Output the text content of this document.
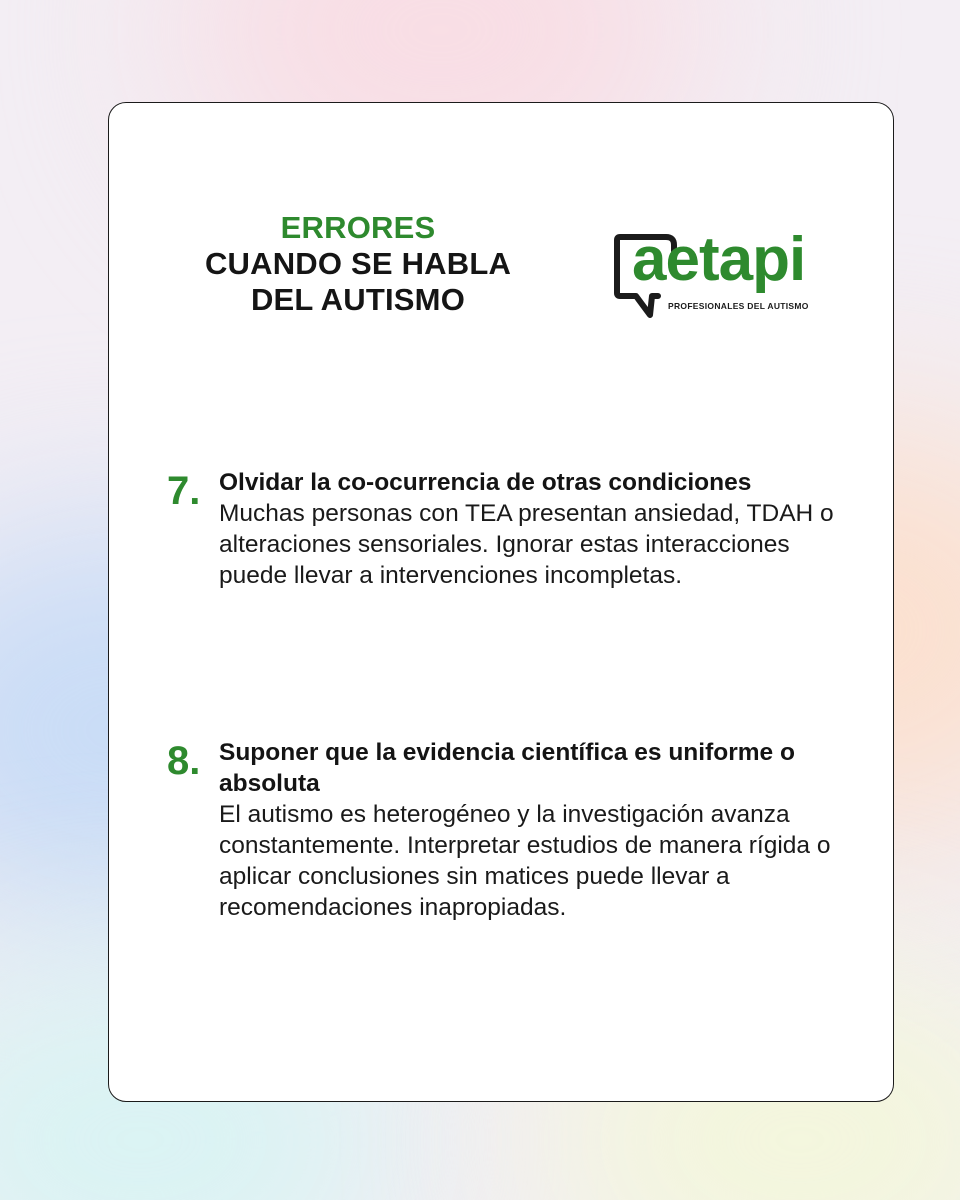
ERRORES
CUANDO SE HABLA
DEL AUTISMO
aetapi
PROFESIONALES DEL AUTISMO
7. Olvidar la co-ocurrencia de otras condiciones
Muchas personas con TEA presentan ansiedad, TDAH o alteraciones sensoriales. Ignorar estas interacciones puede llevar a intervenciones incompletas.
8. Suponer que la evidencia científica es uniforme o absoluta
El autismo es heterogéneo y la investigación avanza constantemente. Interpretar estudios de manera rígida o aplicar conclusiones sin matices puede llevar a recomendaciones inapropiadas.
